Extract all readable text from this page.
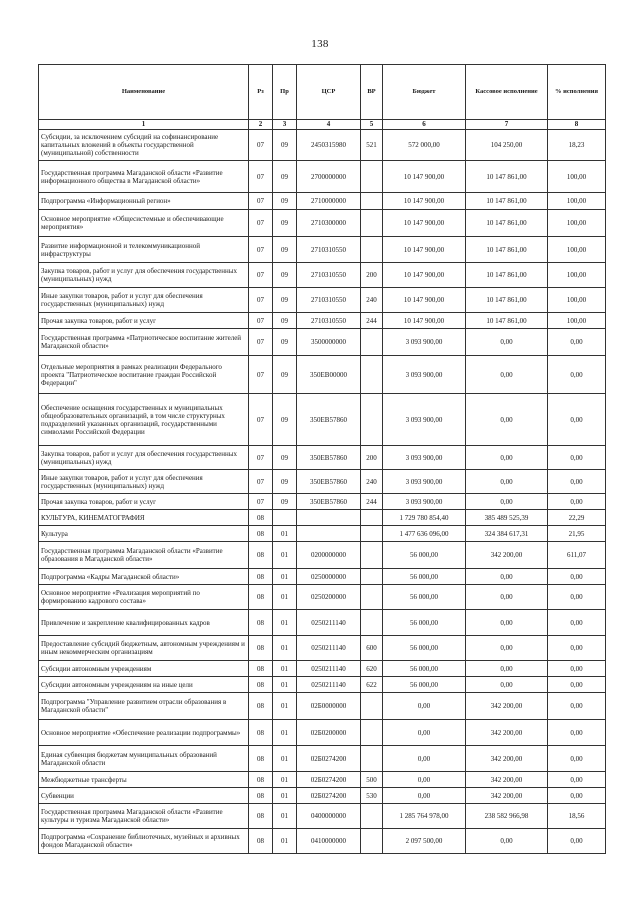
138
Наименование	Рз	Пр	ЦСР	ВР	Бюджет	Кассовое исполнение	% исполнения
1	2	3	4	5	6	7	8
Субсидии, за исключением субсидий на софинансирование капитальных вложений в объекты государственной (муниципальной) собственности	07	09	2450315980	521	572 000,00	104 250,00	18,23
Государственная программа Магаданской области «Развитие информационного общества в Магаданской области»	07	09	2700000000		10 147 900,00	10 147 861,00	100,00
Подпрограмма «Информационный регион»	07	09	2710000000		10 147 900,00	10 147 861,00	100,00
Основное мероприятие «Общесистемные и обеспечивающие мероприятия»	07	09	2710300000		10 147 900,00	10 147 861,00	100,00
Развитие информационной и телекоммуникационной инфраструктуры	07	09	2710310550		10 147 900,00	10 147 861,00	100,00
Закупка товаров, работ и услуг для обеспечения государственных (муниципальных) нужд	07	09	2710310550	200	10 147 900,00	10 147 861,00	100,00
Иные закупки товаров, работ и услуг для обеспечения государственных (муниципальных) нужд	07	09	2710310550	240	10 147 900,00	10 147 861,00	100,00
Прочая закупка товаров, работ и услуг	07	09	2710310550	244	10 147 900,00	10 147 861,00	100,00
Государственная программа «Патриотическое воспитание жителей Магаданской области»	07	09	3500000000		3 093 900,00	0,00	0,00
Отдельные мероприятия в рамках реализации Федерального проекта "Патриотическое воспитание граждан Российской Федерации"	07	09	350EB00000		3 093 900,00	0,00	0,00
Обеспечение оснащения государственных и муниципальных общеобразовательных организаций, в том числе структурных подразделений указанных организаций, государственными символами Российской Федерации	07	09	350EB57860		3 093 900,00	0,00	0,00
Закупка товаров, работ и услуг для обеспечения государственных (муниципальных) нужд	07	09	350EB57860	200	3 093 900,00	0,00	0,00
Иные закупки товаров, работ и услуг для обеспечения государственных (муниципальных) нужд	07	09	350EB57860	240	3 093 900,00	0,00	0,00
Прочая закупка товаров, работ и услуг	07	09	350EB57860	244	3 093 900,00	0,00	0,00
КУЛЬТУРА, КИНЕМАТОГРАФИЯ	08				1 729 780 854,40	385 489 525,39	22,29
Культура	08	01			1 477 636 096,00	324 384 617,31	21,95
Государственная программа Магаданской области «Развитие образования в Магаданской области»	08	01	0200000000		56 000,00	342 200,00	611,07
Подпрограмма «Кадры Магаданской области»	08	01	0250000000		56 000,00	0,00	0,00
Основное мероприятие «Реализация мероприятий по формированию кадрового состава»	08	01	0250200000		56 000,00	0,00	0,00
Привлечение и закрепление квалифицированных кадров	08	01	0250211140		56 000,00	0,00	0,00
Предоставление субсидий бюджетным, автономным учреждениям и иным некоммерческим организациям	08	01	0250211140	600	56 000,00	0,00	0,00
Субсидии автономным учреждениям	08	01	0250211140	620	56 000,00	0,00	0,00
Субсидии автономным учреждениям на иные цели	08	01	0250211140	622	56 000,00	0,00	0,00
Подпрограмма "Управление развитием отрасли образования в Магаданской области"	08	01	02Б0000000		0,00	342 200,00	0,00
Основное мероприятие «Обеспечение реализации подпрограммы»	08	01	02Б0200000		0,00	342 200,00	0,00
Единая субвенция бюджетам муниципальных образований Магаданской области	08	01	02Б0274200		0,00	342 200,00	0,00
Межбюджетные трансферты	08	01	02Б0274200	500	0,00	342 200,00	0,00
Субвенции	08	01	02Б0274200	530	0,00	342 200,00	0,00
Государственная программа Магаданской области «Развитие культуры и туризма Магаданской области»	08	01	0400000000		1 285 764 978,00	238 582 966,98	18,56
Подпрограмма «Сохранение библиотечных, музейных и архивных фондов Магаданской области»	08	01	0410000000		2 097 500,00	0,00	0,00
